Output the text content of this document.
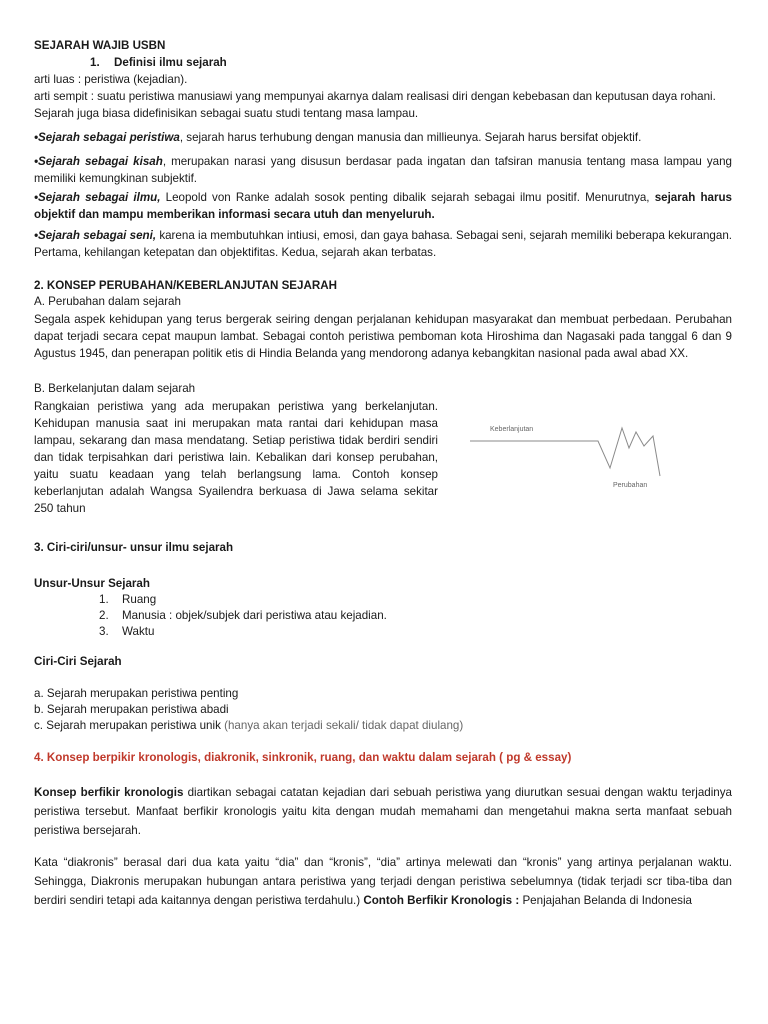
SEJARAH WAJIB USBN
1. Definisi ilmu sejarah
arti luas : peristiwa (kejadian).
arti sempit : suatu peristiwa manusiawi yang mempunyai akarnya dalam realisasi diri dengan kebebasan dan keputusan daya rohani. Sejarah juga biasa didefinisikan sebagai suatu studi tentang masa lampau.
•Sejarah sebagai peristiwa, sejarah harus terhubung dengan manusia dan millieunya. Sejarah harus bersifat objektif.
•Sejarah sebagai kisah, merupakan narasi yang disusun berdasar pada ingatan dan tafsiran manusia tentang masa lampau yang memiliki kemungkinan subjektif.
•Sejarah sebagai ilmu, Leopold von Ranke adalah sosok penting dibalik sejarah sebagai ilmu positif. Menurutnya, sejarah harus objektif dan mampu memberikan informasi secara utuh dan menyeluruh.
•Sejarah sebagai seni, karena ia membutuhkan intiusi, emosi, dan gaya bahasa. Sebagai seni, sejarah memiliki beberapa kekurangan. Pertama, kehilangan ketepatan dan objektifitas. Kedua, sejarah akan terbatas.
2. KONSEP PERUBAHAN/KEBERLANJUTAN SEJARAH
A. Perubahan dalam sejarah
Segala aspek kehidupan yang terus bergerak seiring dengan perjalanan kehidupan masyarakat dan membuat perbedaan. Perubahan dapat terjadi secara cepat maupun lambat. Sebagai contoh peristiwa pemboman kota Hiroshima dan Nagasaki pada tanggal 6 dan 9 Agustus 1945, dan penerapan politik etis di Hindia Belanda yang mendorong adanya kebangkitan nasional pada awal abad XX.
B. Berkelanjutan dalam sejarah
Rangkaian peristiwa yang ada merupakan peristiwa yang berkelanjutan. Kehidupan manusia saat ini merupakan mata rantai dari kehidupan masa lampau, sekarang dan masa mendatang. Setiap peristiwa tidak berdiri sendiri dan tidak terpisahkan dari peristiwa lain. Kebalikan dari konsep perubahan, yaitu suatu keadaan yang telah berlangsung lama. Contoh konsep keberlanjutan adalah Wangsa Syailendra berkuasa di Jawa selama sekitar 250 tahun
Keberlanjutan
Perubahan
3. Ciri-ciri/unsur- unsur ilmu sejarah
Unsur-Unsur Sejarah
1. Ruang
2. Manusia : objek/subjek dari peristiwa atau kejadian.
3. Waktu
Ciri-Ciri Sejarah
a. Sejarah merupakan peristiwa penting
b. Sejarah merupakan peristiwa abadi
c. Sejarah merupakan peristiwa unik (hanya akan terjadi sekali/ tidak dapat diulang)
4. Konsep berpikir kronologis, diakronik, sinkronik, ruang, dan waktu dalam sejarah ( pg & essay)
Konsep berfikir kronologis diartikan sebagai catatan kejadian dari sebuah peristiwa yang diurutkan sesuai dengan waktu terjadinya peristiwa tersebut. Manfaat berfikir kronologis yaitu kita dengan mudah memahami dan mengetahui makna serta manfaat sebuah peristiwa bersejarah.
Kata “diakronis” berasal dari dua kata yaitu “dia” dan “kronis”, “dia” artinya melewati dan “kronis” yang artinya perjalanan waktu. Sehingga, Diakronis merupakan hubungan antara peristiwa yang terjadi dengan peristiwa sebelumnya (tidak terjadi scr tiba-tiba dan berdiri sendiri tetapi ada kaitannya dengan peristiwa terdahulu.) Contoh Berfikir Kronologis : Penjajahan Belanda di Indonesia
